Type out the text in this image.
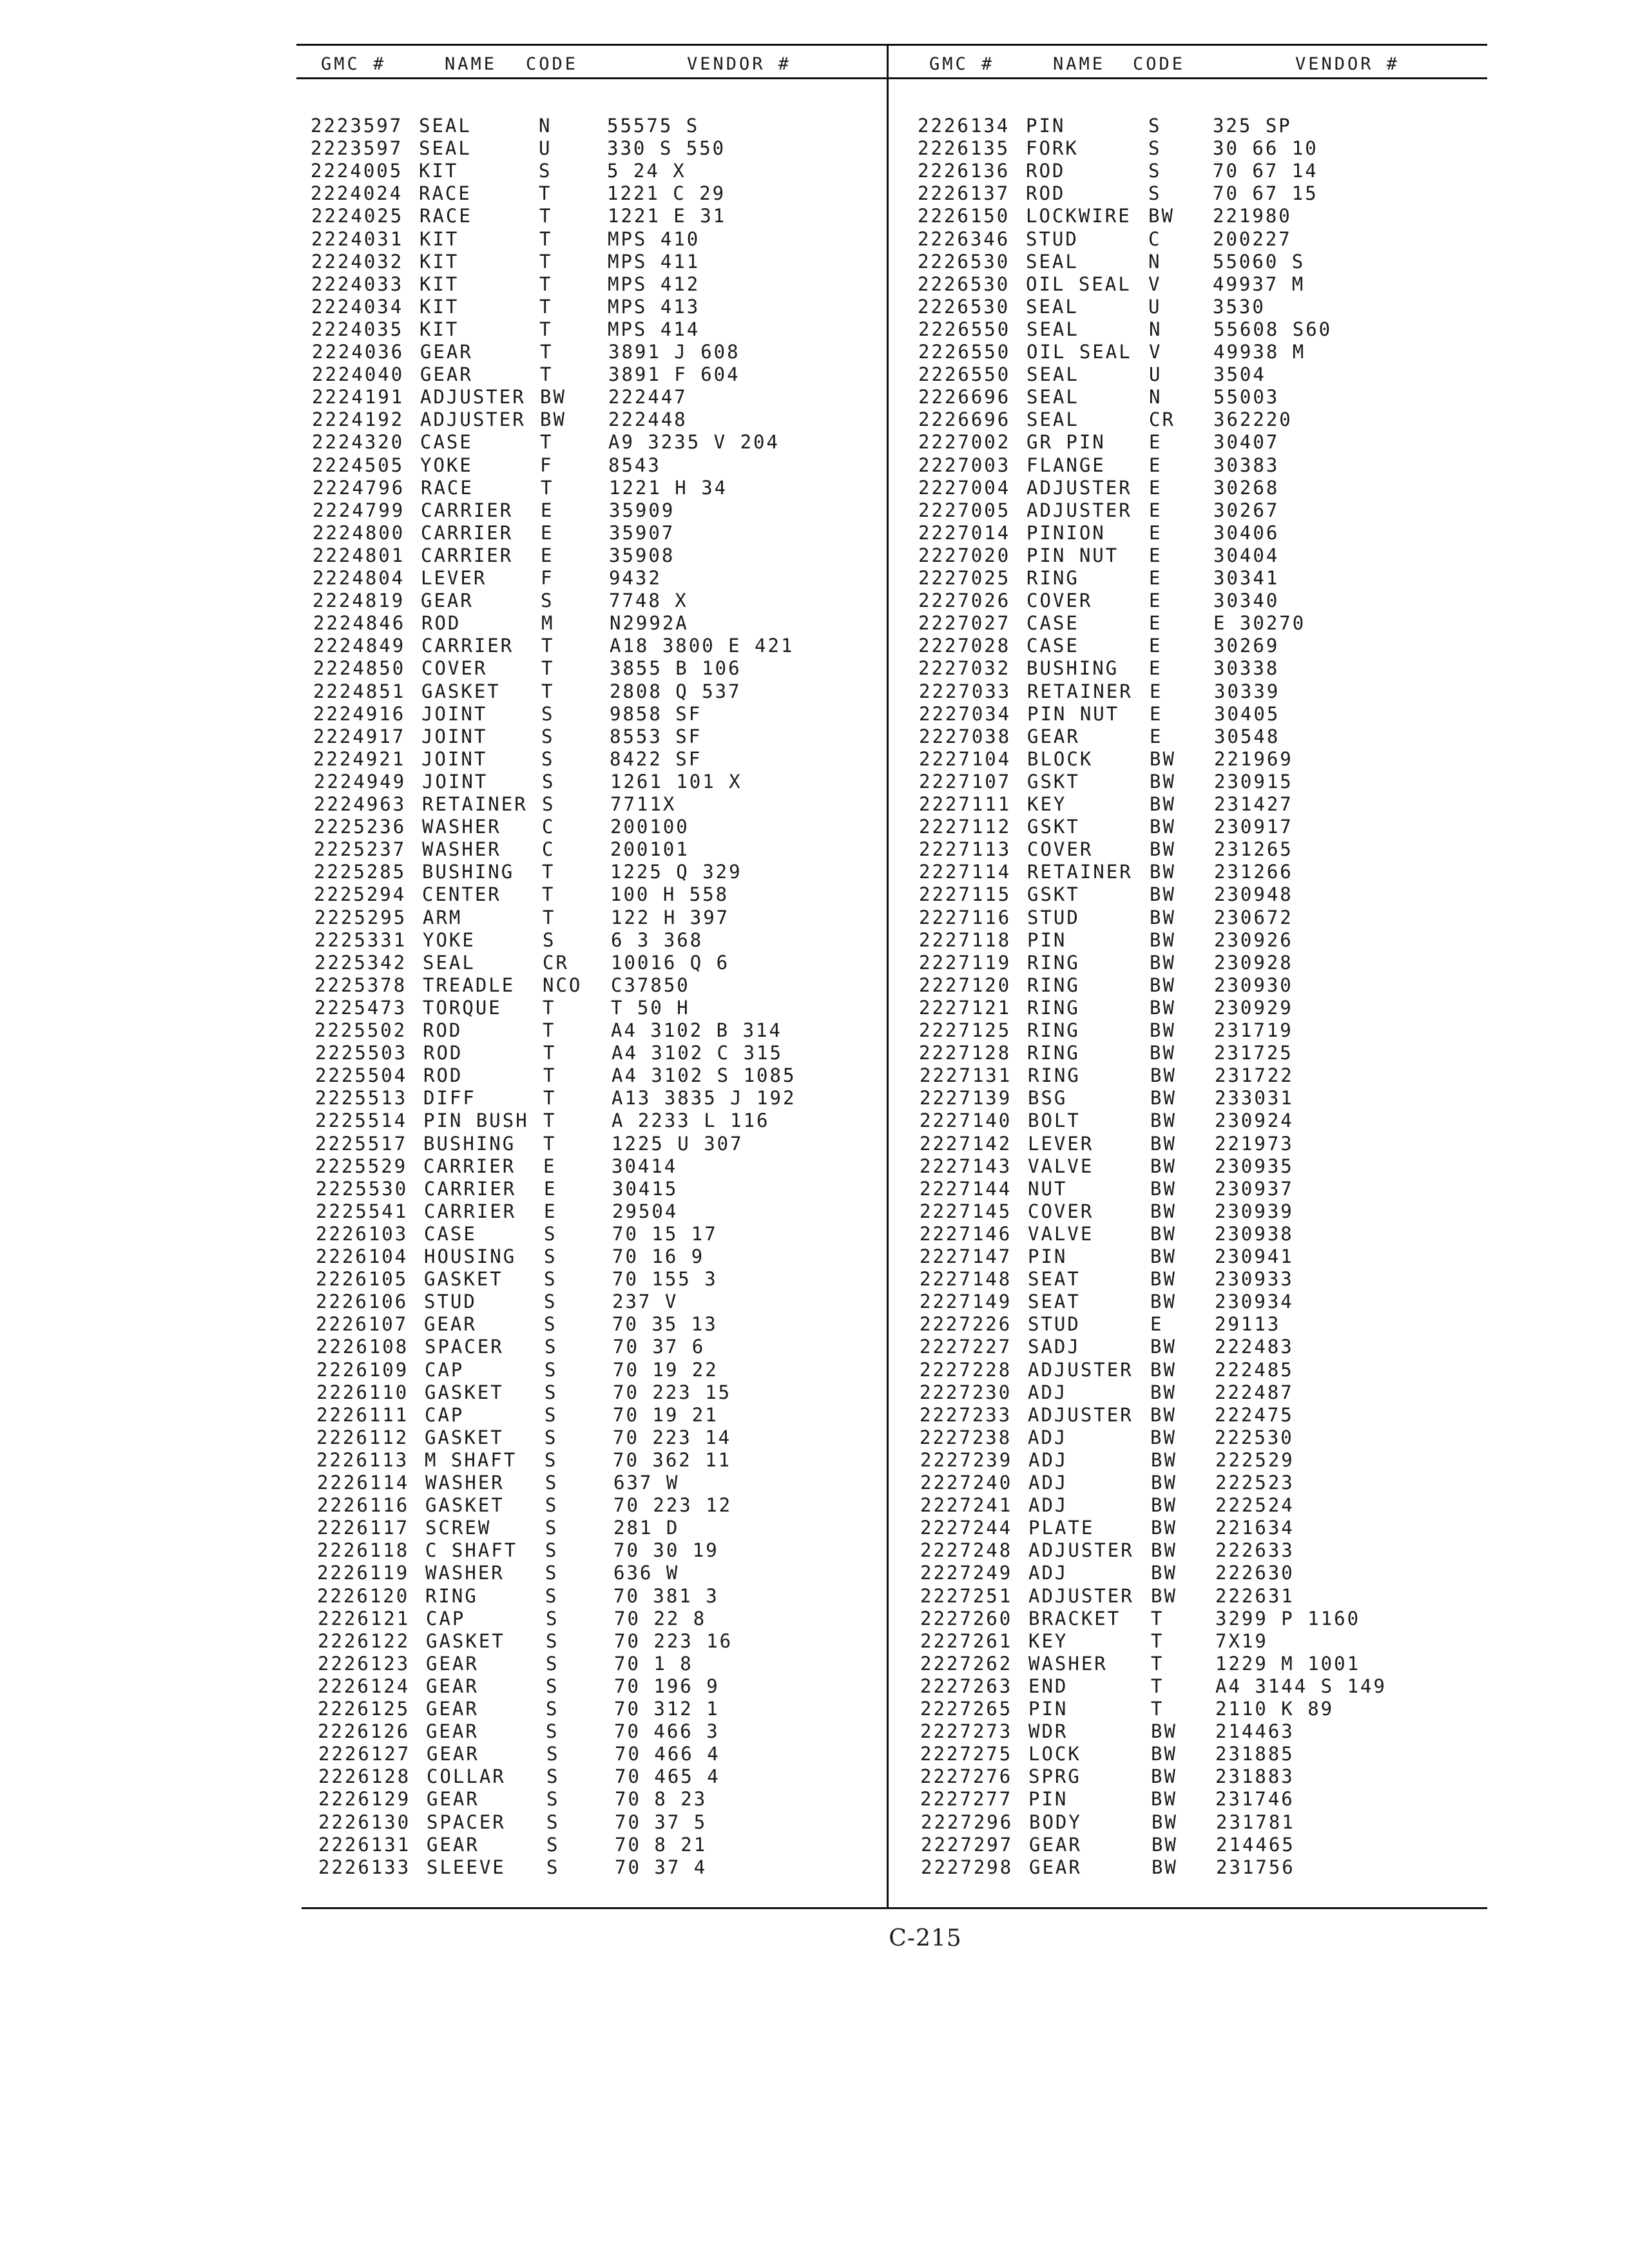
GMC #	NAME CODE	VENDOR #	GMC #	NAME CODE	VENDOR #
2223597 SEAL	N	55575 S
2223597 SEAL	U	330 S 550
2224005 KIT	S	5 24 X
2224024 RACE	T	1221 C 29
2224025 RACE	T	1221 E 31
2224031 KIT	T	MPS 410
2224032 KIT	T	MPS 411
2224033 KIT	T	MPS 412
2224034 KIT	T	MPS 413
2224035 KIT	T	MPS 414
2224036 GEAR	T	3891 J 608
2224040 GEAR	T	3891 F 604
2224191 ADJUSTER BW 222447
2224192 ADJUSTER BW 222448
2224320 CASE	T	A9 3235 V 204
2224505 YOKE	F	8543
2224796 RACE	T	1221 H 34
2224799 CARRIER E	35909
2224800 CARRIER E	35907
2224801 CARRIER E	35908
2224804 LEVER	F	9432
2224819 GEAR	S	7748 X
2224846 ROD	M	N2992A
2224849 CARRIER T	A18 3800 E 421
2224850 COVER	T	3855 B 106
2224851 GASKET T	2808 Q 537
2224916 JOINT	S	9858 SF
2224917 JOINT	S	8553 SF
2224921 JOINT	S	8422 SF
2224949 JOINT	S	1261 101 X
2224963 RETAINER S	7711X
2225236 WASHER C	200100
2225237 WASHER C	200101
2225285 BUSHING T	1225 Q 329
2225294 CENTER T	100 H 558
2225295 ARM	T	122 H 397
2225331 YOKE	S	6 3 368
2225342 SEAL	CR 10016 Q 6
2225378 TREADLE NCO C37850
2225473 TORQUE T	T 50 H
2225502 ROD	T	A4 3102 B 314
2225503 ROD	T	A4 3102 C 315
2225504 ROD	T	A4 3102 S 1085
2225513 DIFF	T	A13 3835 J 192
2225514 PIN BUSH T	A 2233 L 116
2225517 BUSHING T	1225 U 307
2225529 CARRIER E	30414
2225530 CARRIER E	30415
2225541 CARRIER E	29504
2226103 CASE	S	70 15 17
2226104 HOUSING S	70 16 9
2226105 GASKET S	70 155 3
2226106 STUD	S	237 V
2226107 GEAR	S	70 35 13
2226108 SPACER S	70 37 6
2226109 CAP	S	70 19 22
2226110 GASKET S	70 223 15
2226111 CAP	S	70 19 21
2226112 GASKET S	70 223 14
2226113 M SHAFT S	70 362 11
2226114 WASHER S	637 W
2226116 GASKET S	70 223 12
2226117 SCREW	S	281 D
2226118 C SHAFT S	70 30 19
2226119 WASHER S	636 W
2226120 RING	S	70 381 3
2226121 CAP	S	70 22 8
2226122 GASKET S	70 223 16
2226123 GEAR	S	70 1 8
2226124 GEAR	S	70 196 9
2226125 GEAR	S	70 312 1
2226126 GEAR	S	70 466 3
2226127 GEAR	S	70 466 4
2226128 COLLAR S	70 465 4
2226129 GEAR	S	70 8 23
2226130 SPACER S	70 37 5
2226131 GEAR	S	70 8 21
2226133 SLEEVE S	70 37 4
2226134 PIN	S	325 SP
2226135 FORK	S	30 66 10
2226136 ROD	S	70 67 14
2226137 ROD	S	70 67 15
2226150 LOCKWIRE BW 221980
2226346 STUD	C	200227
2226530 SEAL	N	55060 S
2226530 OIL SEAL V	49937 M
2226530 SEAL	U	3530
2226550 SEAL	N	55608 S60
2226550 OIL SEAL V	49938 M
2226550 SEAL	U	3504
2226696 SEAL	N	55003
2226696 SEAL	CR 362220
2227002 GR PIN E	30407
2227003 FLANGE E	30383
2227004 ADJUSTER E	30268
2227005 ADJUSTER E	30267
2227014 PINION E	30406
2227020 PIN NUT E	30404
2227025 RING	E	30341
2227026 COVER	E	30340
2227027 CASE	E	E 30270
2227028 CASE	E	30269
2227032 BUSHING E	30338
2227033 RETAINER E	30339
2227034 PIN NUT E	30405
2227038 GEAR	E	30548
2227104 BLOCK	BW 221969
2227107 GSKT	BW 230915
2227111 KEY	BW 231427
2227112 GSKT	BW 230917
2227113 COVER	BW 231265
2227114 RETAINER BW 231266
2227115 GSKT	BW 230948
2227116 STUD	BW 230672
2227118 PIN	BW 230926
2227119 RING	BW 230928
2227120 RING	BW 230930
2227121 RING	BW 230929
2227125 RING	BW 231719
2227128 RING	BW 231725
2227131 RING	BW 231722
2227139 BSG	BW 233031
2227140 BOLT	BW 230924
2227142 LEVER	BW 221973
2227143 VALVE	BW 230935
2227144 NUT	BW 230937
2227145 COVER	BW 230939
2227146 VALVE	BW 230938
2227147 PIN	BW 230941
2227148 SEAT	BW 230933
2227149 SEAT	BW 230934
2227226 STUD	E	29113
2227227 SADJ	BW 222483
2227228 ADJUSTER BW 222485
2227230 ADJ	BW 222487
2227233 ADJUSTER BW 222475
2227238 ADJ	BW 222530
2227239 ADJ	BW 222529
2227240 ADJ	BW 222523
2227241 ADJ	BW 222524
2227244 PLATE	BW 221634
2227248 ADJUSTER BW 222633
2227249 ADJ	BW 222630
2227251 ADJUSTER BW 222631
2227260 BRACKET T	3299 P 1160
2227261 KEY	T	7X19
2227262 WASHER T	1229 M 1001
2227263 END	T	A4 3144 S 149
2227265 PIN	T	2110 K 89
2227273 WDR	BW 214463
2227275 LOCK	BW 231885
2227276 SPRG	BW 231883
2227277 PIN	BW 231746
2227296 BODY	BW 231781
2227297 GEAR	BW 214465
2227298 GEAR	BW 231756
C-215
